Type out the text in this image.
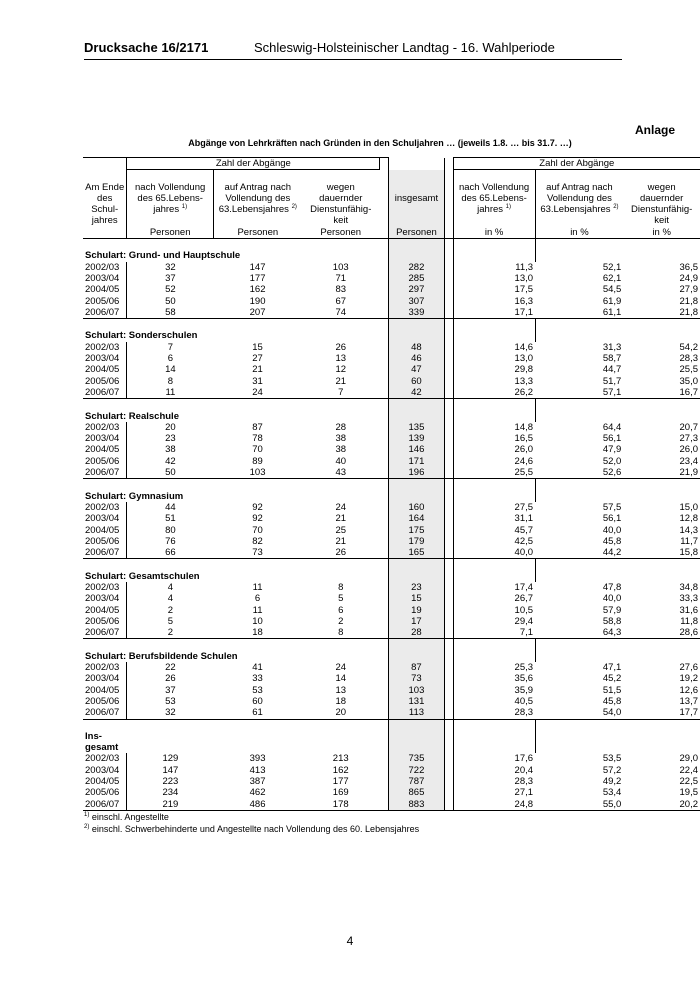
Drucksache 16/2171	Schleswig-Holsteinischer Landtag - 16. Wahlperiode
Anlage
Abgänge von Lehrkräften nach Gründen in den Schuljahren … (jeweils 1.8. … bis 31.7. …)
	Zahl der Abgänge						Zahl der Abgänge		

Am Ende	nach Vollendung	auf Antrag nach	wegen				nach Vollendung	auf Antrag nach	wegen
des	des 65.Lebens-	Vollendung des	dauernder		insgesamt		des 65.Lebens-	Vollendung des	dauernder
Schul-	jahres $^{1)}$	63.Lebensjahres $^{2)}$	Dienstunfähig-				jahres $^{1)}$	63.Lebensjahres $^{2)}$	Dienstunfähig-
jahres			keit						keit
	Personen	Personen	Personen		Personen		in %	in %	in %

Schulart: Grund- und Hauptschule									
2002/03	32	147	103		282		11,3	52,1	36,5
2003/04	37	177	71		285		13,0	62,1	24,9
2004/05	52	162	83		297		17,5	54,5	27,9
2005/06	50	190	67		307		16,3	61,9	21,8
2006/07	58	207	74		339		17,1	61,1	21,8

Schulart: Sonderschulen									
2002/03	7	15	26		48		14,6	31,3	54,2
2003/04	6	27	13		46		13,0	58,7	28,3
2004/05	14	21	12		47		29,8	44,7	25,5
2005/06	8	31	21		60		13,3	51,7	35,0
2006/07	11	24	7		42		26,2	57,1	16,7

Schulart: Realschule									
2002/03	20	87	28		135		14,8	64,4	20,7
2003/04	23	78	38		139		16,5	56,1	27,3
2004/05	38	70	38		146		26,0	47,9	26,0
2005/06	42	89	40		171		24,6	52,0	23,4
2006/07	50	103	43		196		25,5	52,6	21,9

Schulart: Gymnasium									
2002/03	44	92	24		160		27,5	57,5	15,0
2003/04	51	92	21		164		31,1	56,1	12,8
2004/05	80	70	25		175		45,7	40,0	14,3
2005/06	76	82	21		179		42,5	45,8	11,7
2006/07	66	73	26		165		40,0	44,2	15,8

Schulart: Gesamtschulen									
2002/03	4	11	8		23		17,4	47,8	34,8
2003/04	4	6	5		15		26,7	40,0	33,3
2004/05	2	11	6		19		10,5	57,9	31,6
2005/06	5	10	2		17		29,4	58,8	11,8
2006/07	2	18	8		28		7,1	64,3	28,6

Schulart: Berufsbildende Schulen									
2002/03	22	41	24		87		25,3	47,1	27,6
2003/04	26	33	14		73		35,6	45,2	19,2
2004/05	37	53	13		103		35,9	51,5	12,6
2005/06	53	60	18		131		40,5	45,8	13,7
2006/07	32	61	20		113		28,3	54,0	17,7

Ins-									
gesamt									
2002/03	129	393	213		735		17,6	53,5	29,0
2003/04	147	413	162		722		20,4	57,2	22,4
2004/05	223	387	177		787		28,3	49,2	22,5
2005/06	234	462	169		865		27,1	53,4	19,5
2006/07	219	486	178		883		24,8	55,0	20,2
$^{1)}$ einschl. Angestellte
$^{2)}$ einschl. Schwerbehinderte und Angestellte nach Vollendung des 60. Lebensjahres
4
